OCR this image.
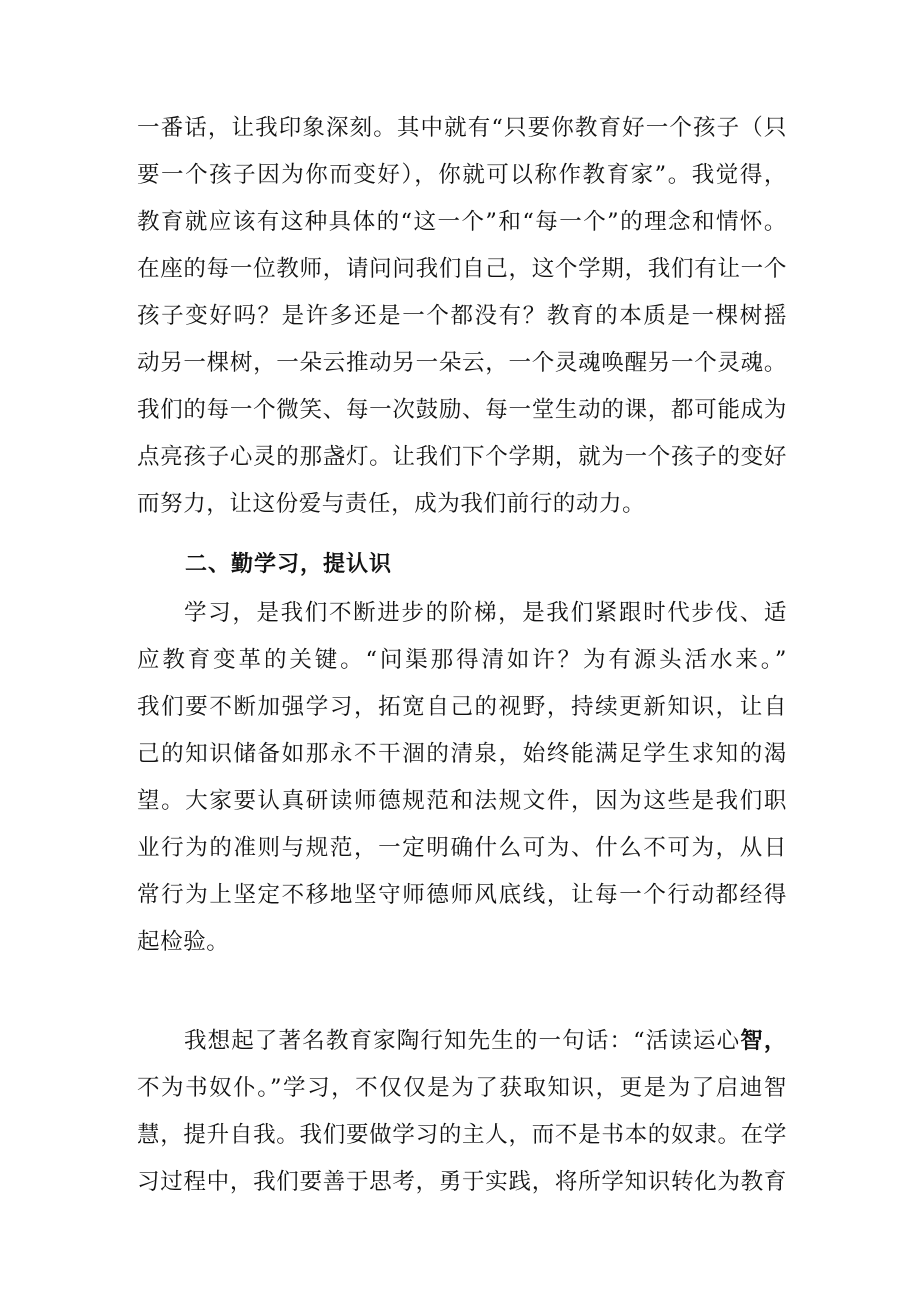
一番话，让我印象深刻。其中就有“只要你教育好一个孩子（只
要一个孩子因为你而变好），你就可以称作教育家”。我觉得，
教育就应该有这种具体的“这一个”和“每一个”的理念和情怀。
在座的每一位教师，请问问我们自己，这个学期，我们有让一个
孩子变好吗？是许多还是一个都没有？教育的本质是一棵树摇
动另一棵树，一朵云推动另一朵云，一个灵魂唤醒另一个灵魂。
我们的每一个微笑、每一次鼓励、每一堂生动的课，都可能成为
点亮孩子心灵的那盏灯。让我们下个学期，就为一个孩子的变好
而努力，让这份爱与责任，成为我们前行的动力。
二、勤学习，提认识
学习，是我们不断进步的阶梯，是我们紧跟时代步伐、适
应教育变革的关键。“问渠那得清如许？为有源头活水来。”
我们要不断加强学习，拓宽自己的视野，持续更新知识，让自
己的知识储备如那永不干涸的清泉，始终能满足学生求知的渴
望。大家要认真研读师德规范和法规文件，因为这些是我们职
业行为的准则与规范，一定明确什么可为、什么不可为，从日
常行为上坚定不移地坚守师德师风底线，让每一个行动都经得
起检验。
我想起了著名教育家陶行知先生的一句话：“活读运心智，
不为书奴仆。”学习，不仅仅是为了获取知识，更是为了启迪智
慧，提升自我。我们要做学习的主人，而不是书本的奴隶。在学
习过程中，我们要善于思考，勇于实践，将所学知识转化为教育
